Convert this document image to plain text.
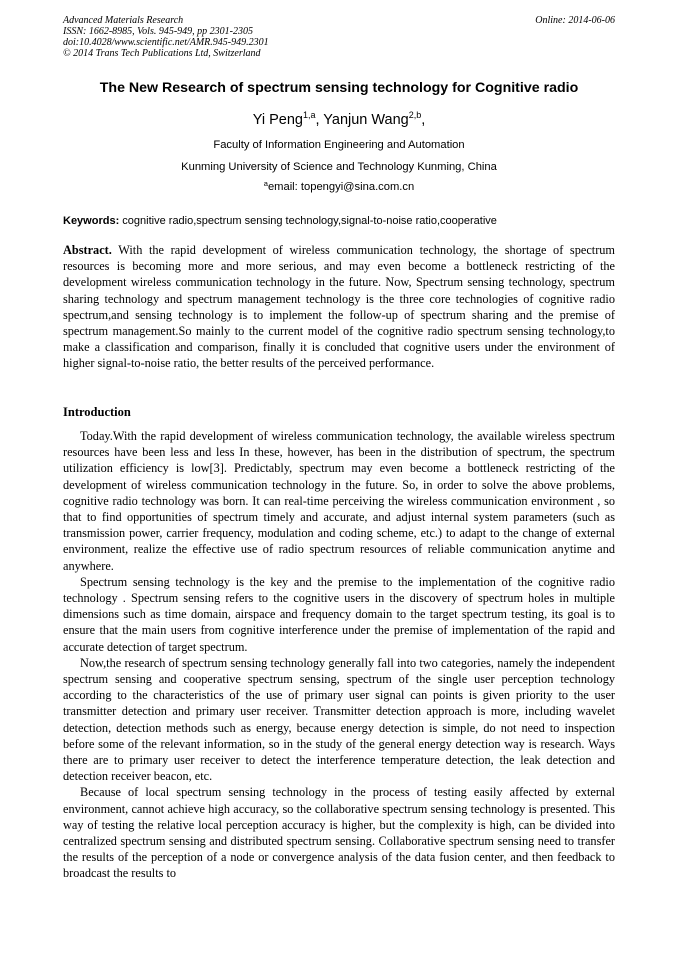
Advanced Materials Research
ISSN: 1662-8985, Vols. 945-949, pp 2301-2305
doi:10.4028/www.scientific.net/AMR.945-949.2301
© 2014 Trans Tech Publications Ltd, Switzerland
Online: 2014-06-06
The New Research of spectrum sensing technology for Cognitive radio
Yi Peng$^{1,a}$, Yanjun Wang$^{2,b}$,
Faculty of Information Engineering and Automation
Kunming University of Science and Technology Kunming, China
$^a$email: topengyi@sina.com.cn
Keywords: cognitive radio,spectrum sensing technology,signal-to-noise ratio,cooperative
Abstract. With the rapid development of wireless communication technology, the shortage of spectrum resources is becoming more and more serious, and may even become a bottleneck restricting of the development wireless communication technology in the future. Now, Spectrum sensing technology, spectrum sharing technology and spectrum management technology is the three core technologies of cognitive radio spectrum,and sensing technology is to implement the follow-up of spectrum sharing and the premise of spectrum management.So mainly to the current model of the cognitive radio spectrum sensing technology,to make a classification and comparison, finally it is concluded that cognitive users under the environment of higher signal-to-noise ratio, the better results of the perceived performance.
Introduction

Today.With the rapid development of wireless communication technology, the available wireless spectrum resources have been less and less In these, however, has been in the distribution of spectrum, the spectrum utilization efficiency is low[3]. Predictably, spectrum may even become a bottleneck restricting of the development of wireless communication technology in the future. So, in order to solve the above problems, cognitive radio technology was born. It can real-time perceiving the wireless communication environment , so that to find opportunities of spectrum timely and accurate, and adjust internal system parameters (such as transmission power, carrier frequency, modulation and coding scheme, etc.) to adapt to the change of external environment, realize the effective use of radio spectrum resources of reliable communication anytime and anywhere.

Spectrum sensing technology is the key and the premise to the implementation of the cognitive radio technology . Spectrum sensing refers to the cognitive users in the discovery of spectrum holes in multiple dimensions such as time domain, airspace and frequency domain to the target spectrum testing, its goal is to ensure that the main users from cognitive interference under the premise of implementation of the rapid and accurate detection of target spectrum.

Now,the research of spectrum sensing technology generally fall into two categories, namely the independent spectrum sensing and cooperative spectrum sensing, spectrum of the single user perception technology according to the characteristics of the use of primary user signal can points is given priority to the user transmitter detection and primary user receiver. Transmitter detection approach is more, including wavelet detection, detection methods such as energy, because energy detection is simple, do not need to inspection before some of the relevant information, so in the study of the general energy detection way is research. Ways there are to primary user receiver to detect the interference temperature detection, the leak detection and detection receiver beacon, etc.

Because of local spectrum sensing technology in the process of testing easily affected by external environment, cannot achieve high accuracy, so the collaborative spectrum sensing technology is presented. This way of testing the relative local perception accuracy is higher, but the complexity is high, can be divided into centralized spectrum sensing and distributed spectrum sensing. Collaborative spectrum sensing need to transfer the results of the perception of a node or convergence analysis of the data fusion center, and then feedback to broadcast the results to
